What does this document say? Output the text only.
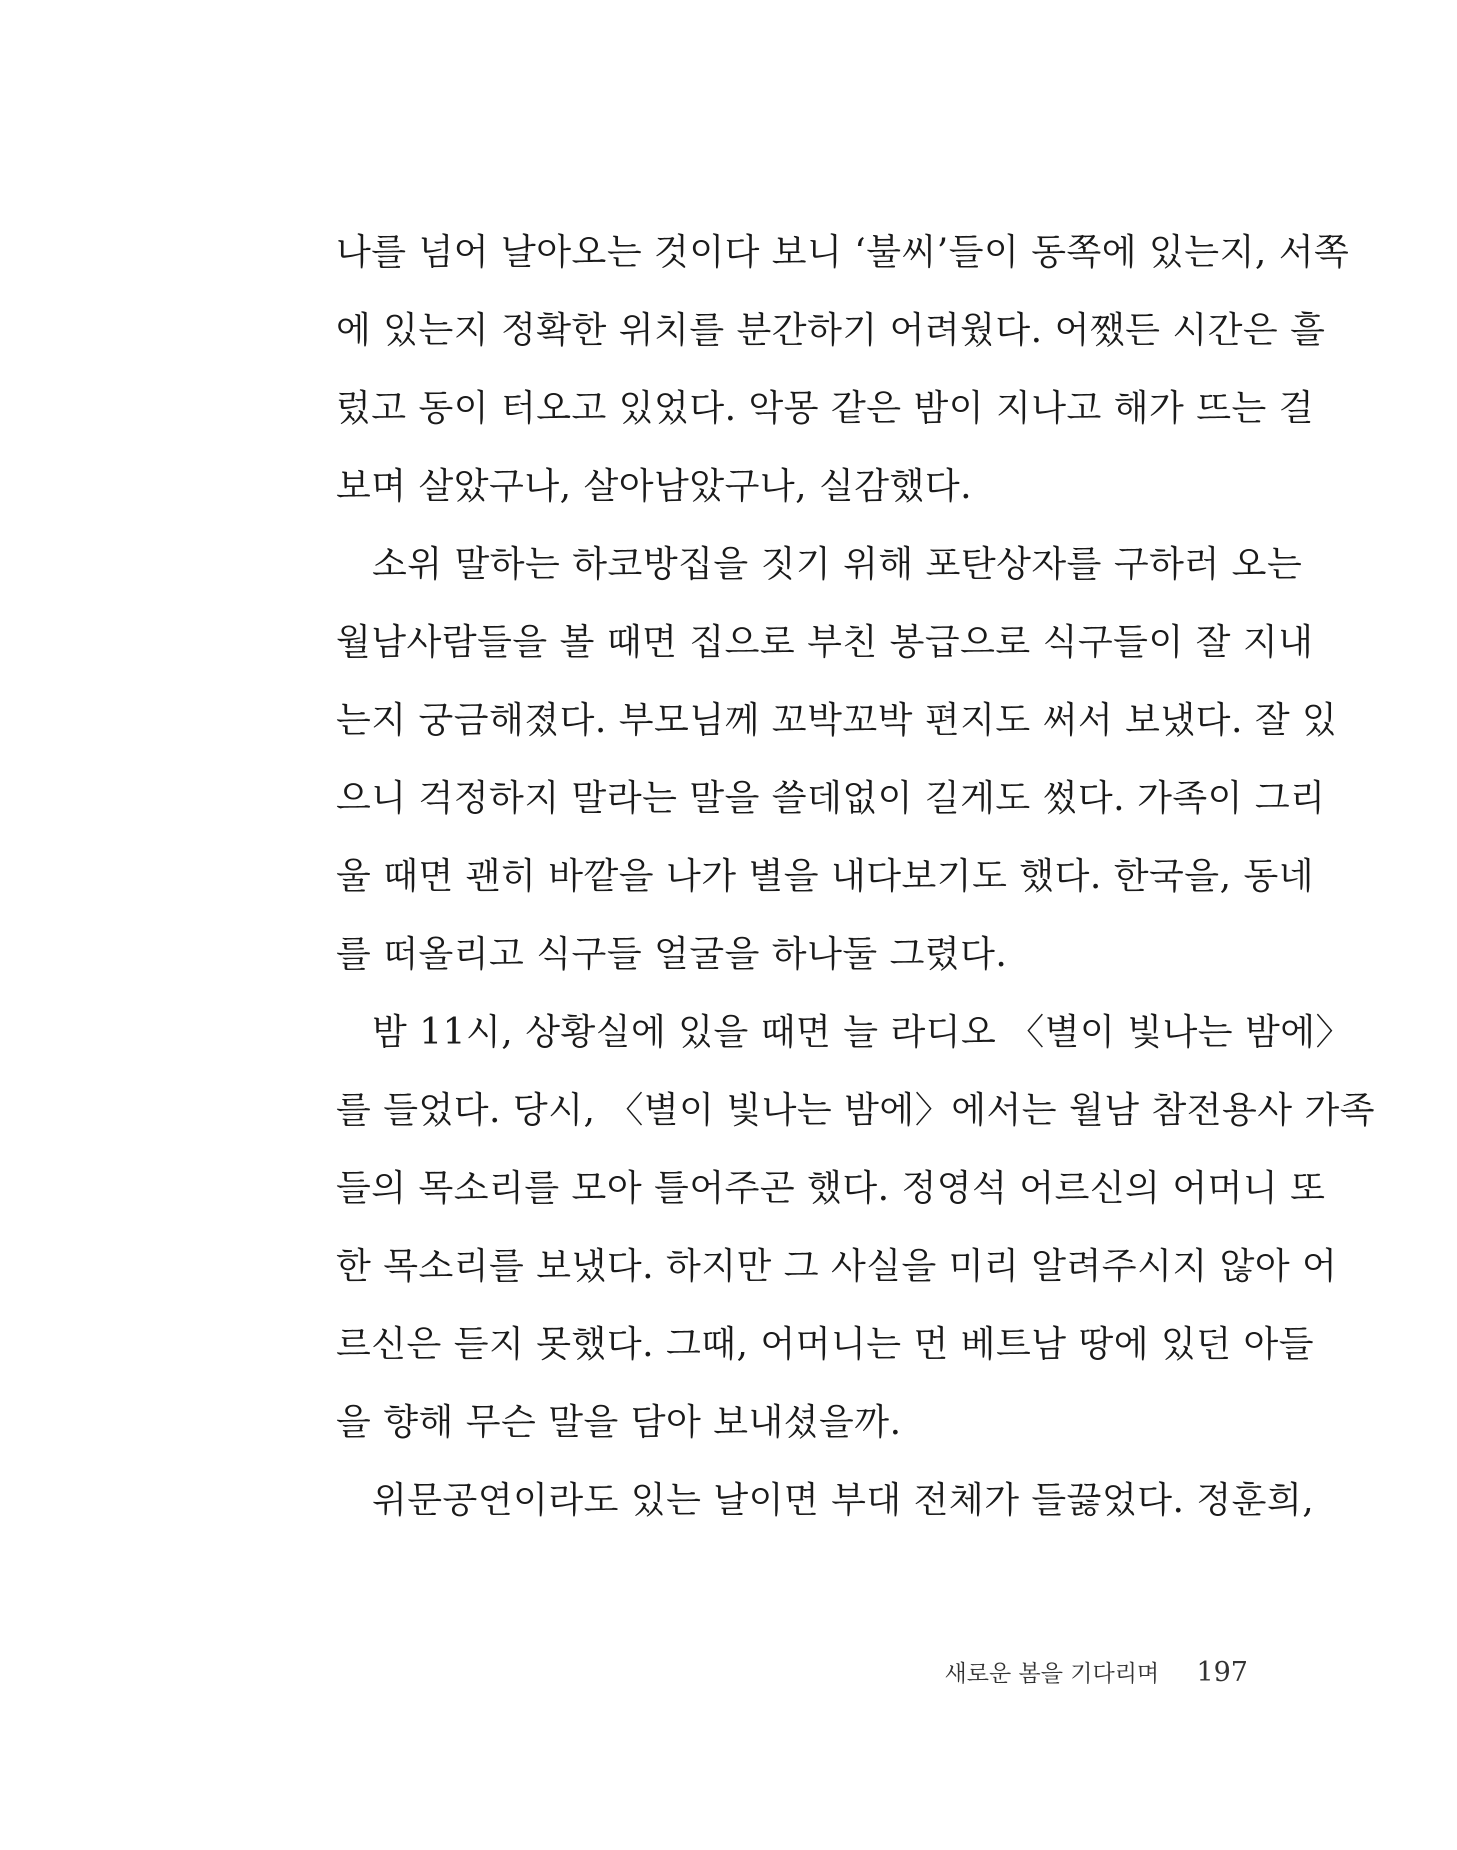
나를 넘어 날아오는 것이다 보니 ‘불씨’들이 동쪽에 있는지, 서쪽
에 있는지 정확한 위치를 분간하기 어려웠다. 어쨌든 시간은 흘
렀고 동이 터오고 있었다. 악몽 같은 밤이 지나고 해가 뜨는 걸
보며 살았구나, 살아남았구나, 실감했다.
소위 말하는 하코방집을 짓기 위해 포탄상자를 구하러 오는
월남사람들을 볼 때면 집으로 부친 봉급으로 식구들이 잘 지내
는지 궁금해졌다. 부모님께 꼬박꼬박 편지도 써서 보냈다. 잘 있
으니 걱정하지 말라는 말을 쓸데없이 길게도 썼다. 가족이 그리
울 때면 괜히 바깥을 나가 별을 내다보기도 했다. 한국을, 동네
를 떠올리고 식구들 얼굴을 하나둘 그렸다.
밤 11시, 상황실에 있을 때면 늘 라디오 〈별이 빛나는 밤에〉
를 들었다. 당시, 〈별이 빛나는 밤에〉에서는 월남 참전용사 가족
들의 목소리를 모아 틀어주곤 했다. 정영석 어르신의 어머니 또
한 목소리를 보냈다. 하지만 그 사실을 미리 알려주시지 않아 어
르신은 듣지 못했다. 그때, 어머니는 먼 베트남 땅에 있던 아들
을 향해 무슨 말을 담아 보내셨을까.
위문공연이라도 있는 날이면 부대 전체가 들끓었다. 정훈희,
새로운 봄을 기다리며 197
